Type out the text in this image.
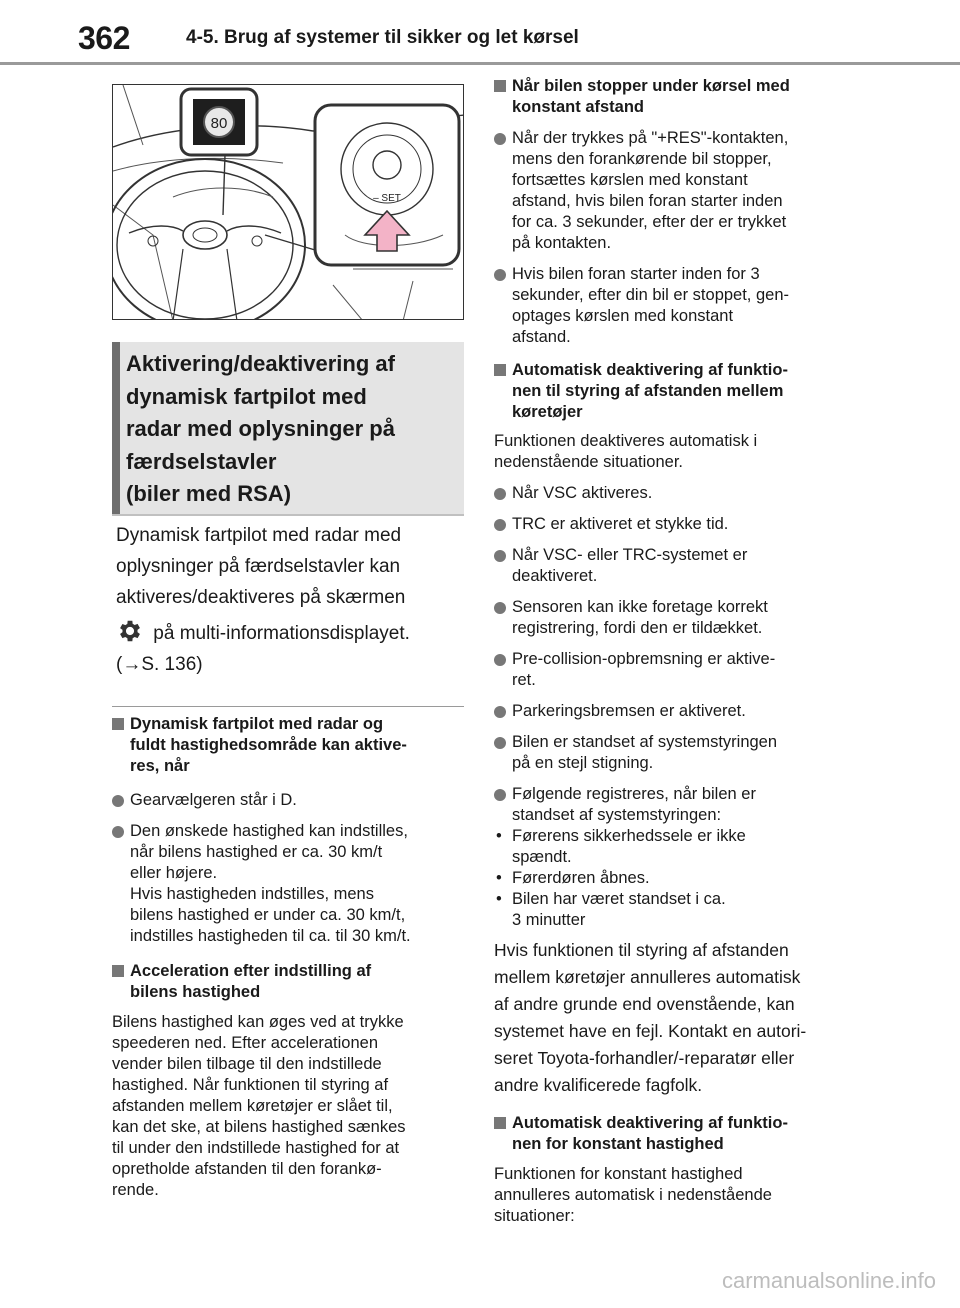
362	4-5. Brug af systemer til sikker og let kørsel
80
– SET
Aktivering/deaktivering af
dynamisk fartpilot med
radar med oplysninger på
færdselstavler
(biler med RSA)
Dynamisk fartpilot med radar med
oplysninger på færdselstavler kan
aktiveres/deaktiveres på skærmen
på multi-informationsdisplayet.
(→S. 136)
Dynamisk fartpilot med radar og
fuldt hastighedsområde kan aktive-
res, når
Gearvælgeren står i D.
Den ønskede hastighed kan indstilles,
når bilens hastighed er ca. 30 km/t
eller højere.
Hvis hastigheden indstilles, mens
bilens hastighed er under ca. 30 km/t,
indstilles hastigheden til ca. til 30 km/t.
Acceleration efter indstilling af
bilens hastighed
Bilens hastighed kan øges ved at trykke
speederen ned. Efter accelerationen
vender bilen tilbage til den indstillede
hastighed. Når funktionen til styring af
afstanden mellem køretøjer er slået til,
kan det ske, at bilens hastighed sænkes
til under den indstillede hastighed for at
opretholde afstanden til den forankø-
rende.
Når bilen stopper under kørsel med
konstant afstand
Når der trykkes på "+RES"-kontakten,
mens den forankørende bil stopper,
fortsættes kørslen med konstant
afstand, hvis bilen foran starter inden
for ca. 3 sekunder, efter der er trykket
på kontakten.
Hvis bilen foran starter inden for 3
sekunder, efter din bil er stoppet, gen-
optages kørslen med konstant
afstand.
Automatisk deaktivering af funktio-
nen til styring af afstanden mellem
køretøjer
Funktionen deaktiveres automatisk i
nedenstående situationer.
Når VSC aktiveres.
TRC er aktiveret et stykke tid.
Når VSC- eller TRC-systemet er
deaktiveret.
Sensoren kan ikke foretage korrekt
registrering, fordi den er tildækket.
Pre-collision-opbremsning er aktive-
ret.
Parkeringsbremsen er aktiveret.
Bilen er standset af systemstyringen
på en stejl stigning.
Følgende registreres, når bilen er
standset af systemstyringen:
• Førerens sikkerhedssele er ikke
spændt.
• Førerdøren åbnes.
• Bilen har været standset i ca.
3 minutter
Hvis funktionen til styring af afstanden
mellem køretøjer annulleres automatisk
af andre grunde end ovenstående, kan
systemet have en fejl. Kontakt en autori-
seret Toyota-forhandler/-reparatør eller
andre kvalificerede fagfolk.
Automatisk deaktivering af funktio-
nen for konstant hastighed
Funktionen for konstant hastighed
annulleres automatisk i nedenstående
situationer:
carmanualsonline.info
